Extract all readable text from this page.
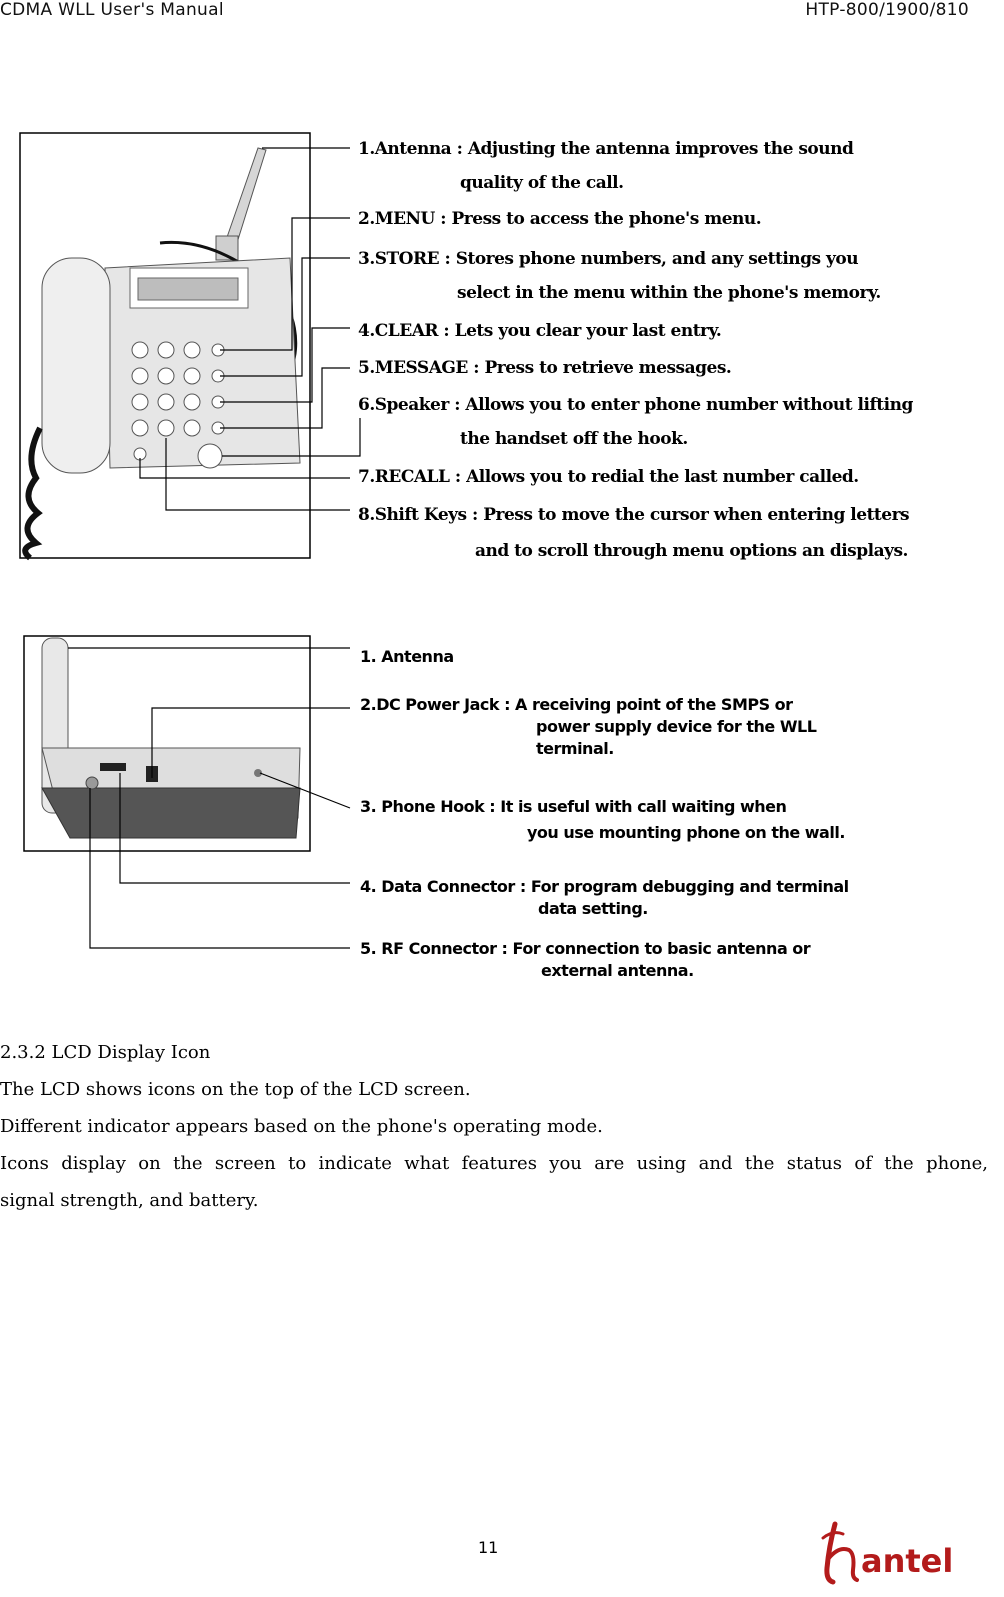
CDMA WLL User's Manual	HTP-800/1900/810
1.Antenna : Adjusting the antenna improves the sound
quality of the call.
2.MENU : Press to access the phone's menu.
3.STORE : Stores phone numbers, and any settings you
select in the menu within the phone's memory.
4.CLEAR : Lets you clear your last entry.
5.MESSAGE : Press to retrieve messages.
6.Speaker : Allows you to enter phone number without lifting
the handset off the hook.
7.RECALL : Allows you to redial the last number called.
8.Shift Keys : Press to move the cursor when entering letters
and to scroll through menu options an displays.
1. Antenna
2.DC Power Jack : A receiving point of the SMPS or
power supply device for the WLL
terminal.
3. Phone Hook : It is useful with call waiting when
you use mounting phone on the wall.
4. Data Connector : For program debugging and terminal
data setting.
5. RF Connector : For connection to basic antenna or
external antenna.
2.3.2 LCD Display Icon
The LCD shows icons on the top of the LCD screen.
Different indicator appears based on the phone's operating mode.
Icons display on the screen to indicate what features you are using and the status of the phone,
signal strength, and battery.
11	antel
